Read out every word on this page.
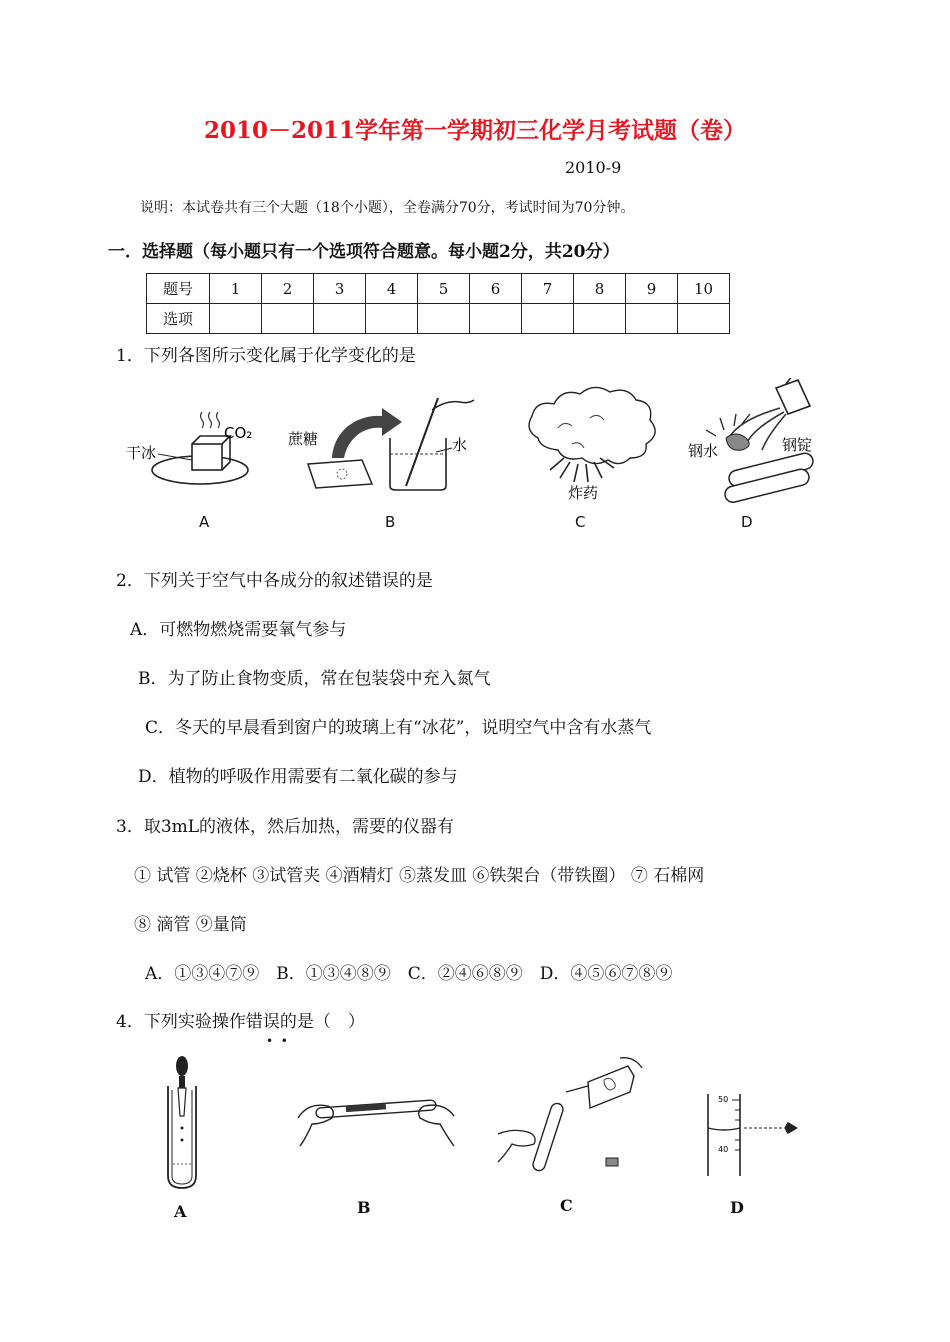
2010－2011学年第一学期初三化学月考试题（卷）
2010-9
说明：本试卷共有三个大题（18个小题），全卷满分70分，考试时间为70分钟。
一．选择题（每小题只有一个选项符合题意。每小题2分，共20分）
题号	1	2	3	4	5	6	7	8	9	10
选项										
1．下列各图所示变化属于化学变化的是
干冰
CO₂ 蔗糖	水
炸药
钢水	钢锭
A	B	C	D
2．下列关于空气中各成分的叙述错误的是
A．可燃物燃烧需要氧气参与
B．为了防止食物变质，常在包装袋中充入氮气
C．冬天的早晨看到窗户的玻璃上有“冰花”，说明空气中含有水蒸气
D．植物的呼吸作用需要有二氧化碳的参与
3．取3mL的液体，然后加热，需要的仪器有
① 试管 ②烧杯 ③试管夹 ④酒精灯 ⑤蒸发皿 ⑥铁架台（带铁圈） ⑦ 石棉网
⑧ 滴管 ⑨量筒
A．①③④⑦⑨　B．①③④⑧⑨　C．②④⑥⑧⑨　D．④⑤⑥⑦⑧⑨
4．下列实验操作错误的是（　）
•  •
50
40
A	B	C	D
